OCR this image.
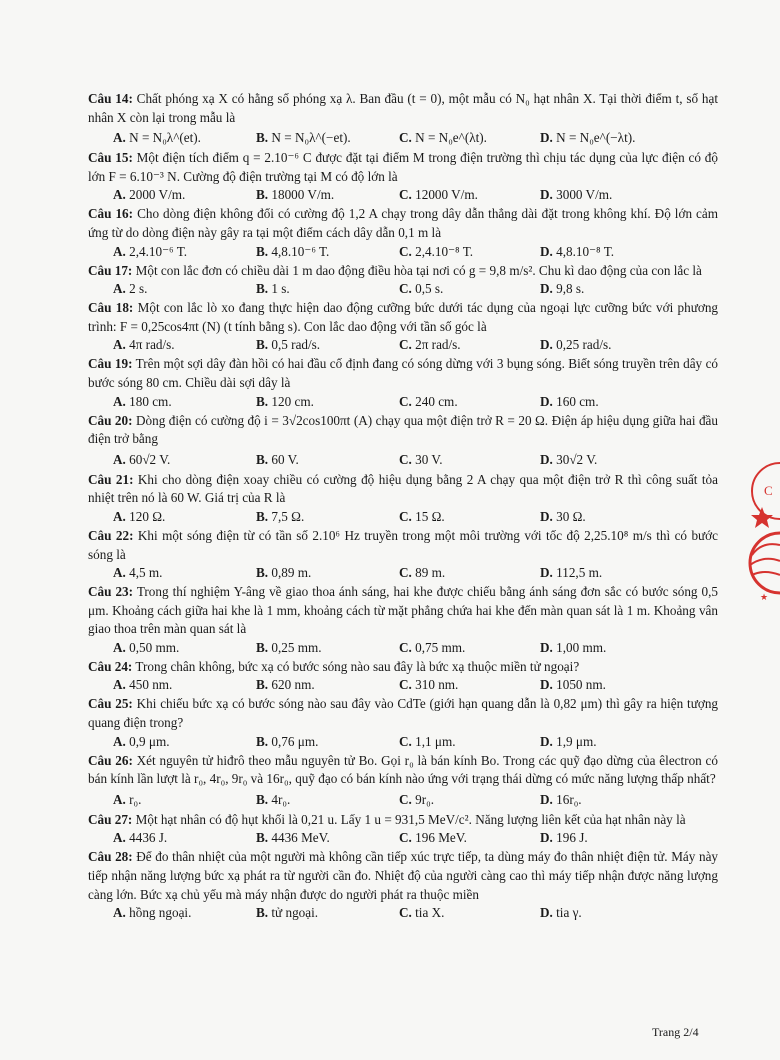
Câu 14: Chất phóng xạ X có hằng số phóng xạ λ. Ban đầu (t = 0), một mẫu có N₀ hạt nhân X. Tại thời điểm t, số hạt nhân X còn lại trong mẫu là

A. N = N₀λ^(et).	B. N = N₀λ^(−et).	C. N = N₀e^(λt).	D. N = N₀e^(−λt).

Câu 15: Một điện tích điểm q = 2.10⁻⁶ C được đặt tại điểm M trong điện trường thì chịu tác dụng của lực điện có độ lớn F = 6.10⁻³ N. Cường độ điện trường tại M có độ lớn là

A. 2000 V/m.	B. 18000 V/m.	C. 12000 V/m.	D. 3000 V/m.

Câu 16: Cho dòng điện không đổi có cường độ 1,2 A chạy trong dây dẫn thẳng dài đặt trong không khí. Độ lớn cảm ứng từ do dòng điện này gây ra tại một điểm cách dây dẫn 0,1 m là

A. 2,4.10⁻⁶ T.	B. 4,8.10⁻⁶ T.	C. 2,4.10⁻⁸ T.	D. 4,8.10⁻⁸ T.

Câu 17: Một con lắc đơn có chiều dài 1 m dao động điều hòa tại nơi có g = 9,8 m/s². Chu kì dao động của con lắc là

A. 2 s.	B. 1 s.	C. 0,5 s.	D. 9,8 s.

Câu 18: Một con lắc lò xo đang thực hiện dao động cưỡng bức dưới tác dụng của ngoại lực cưỡng bức với phương trình: F = 0,25cos4πt (N) (t tính bằng s). Con lắc dao động với tần số góc là

A. 4π rad/s.	B. 0,5 rad/s.	C. 2π rad/s.	D. 0,25 rad/s.

Câu 19: Trên một sợi dây đàn hồi có hai đầu cố định đang có sóng dừng với 3 bụng sóng. Biết sóng truyền trên dây có bước sóng 80 cm. Chiều dài sợi dây là

A. 180 cm.	B. 120 cm.	C. 240 cm.	D. 160 cm.

Câu 20: Dòng điện có cường độ i = 3√2cos100πt (A) chạy qua một điện trở R = 20 Ω. Điện áp hiệu dụng giữa hai đầu điện trở bằng

A. 60√2 V.	B. 60 V.	C. 30 V.	D. 30√2 V.

Câu 21: Khi cho dòng điện xoay chiều có cường độ hiệu dụng bằng 2 A chạy qua một điện trở R thì công suất tỏa nhiệt trên nó là 60 W. Giá trị của R là

A. 120 Ω.	B. 7,5 Ω.	C. 15 Ω.	D. 30 Ω.

Câu 22: Khi một sóng điện từ có tần số 2.10⁶ Hz truyền trong một môi trường với tốc độ 2,25.10⁸ m/s thì có bước sóng là

A. 4,5 m.	B. 0,89 m.	C. 89 m.	D. 112,5 m.

Câu 23: Trong thí nghiệm Y-âng về giao thoa ánh sáng, hai khe được chiếu bằng ánh sáng đơn sắc có bước sóng 0,5 μm. Khoảng cách giữa hai khe là 1 mm, khoảng cách từ mặt phẳng chứa hai khe đến màn quan sát là 1 m. Khoảng vân giao thoa trên màn quan sát là

A. 0,50 mm.	B. 0,25 mm.	C. 0,75 mm.	D. 1,00 mm.

Câu 24: Trong chân không, bức xạ có bước sóng nào sau đây là bức xạ thuộc miền tử ngoại?

A. 450 nm.	B. 620 nm.	C. 310 nm.	D. 1050 nm.

Câu 25: Khi chiếu bức xạ có bước sóng nào sau đây vào CdTe (giới hạn quang dẫn là 0,82 μm) thì gây ra hiện tượng quang điện trong?

A. 0,9 μm.	B. 0,76 μm.	C. 1,1 μm.	D. 1,9 μm.

Câu 26: Xét nguyên tử hiđrô theo mẫu nguyên tử Bo. Gọi r₀ là bán kính Bo. Trong các quỹ đạo dừng của êlectron có bán kính lần lượt là r₀, 4r₀, 9r₀ và 16r₀, quỹ đạo có bán kính nào ứng với trạng thái dừng có mức năng lượng thấp nhất?

A. r₀.	B. 4r₀.	C. 9r₀.	D. 16r₀.

Câu 27: Một hạt nhân có độ hụt khối là 0,21 u. Lấy 1 u = 931,5 MeV/c². Năng lượng liên kết của hạt nhân này là

A. 4436 J.	B. 4436 MeV.	C. 196 MeV.	D. 196 J.

Câu 28: Để đo thân nhiệt của một người mà không cần tiếp xúc trực tiếp, ta dùng máy đo thân nhiệt điện tử. Máy này tiếp nhận năng lượng bức xạ phát ra từ người cần đo. Nhiệt độ của người càng cao thì máy tiếp nhận được năng lượng càng lớn. Bức xạ chủ yếu mà máy nhận được do người phát ra thuộc miền

A. hồng ngoại.	B. tử ngoại.	C. tia X.	D. tia γ.
C
★
Trang 2/4
